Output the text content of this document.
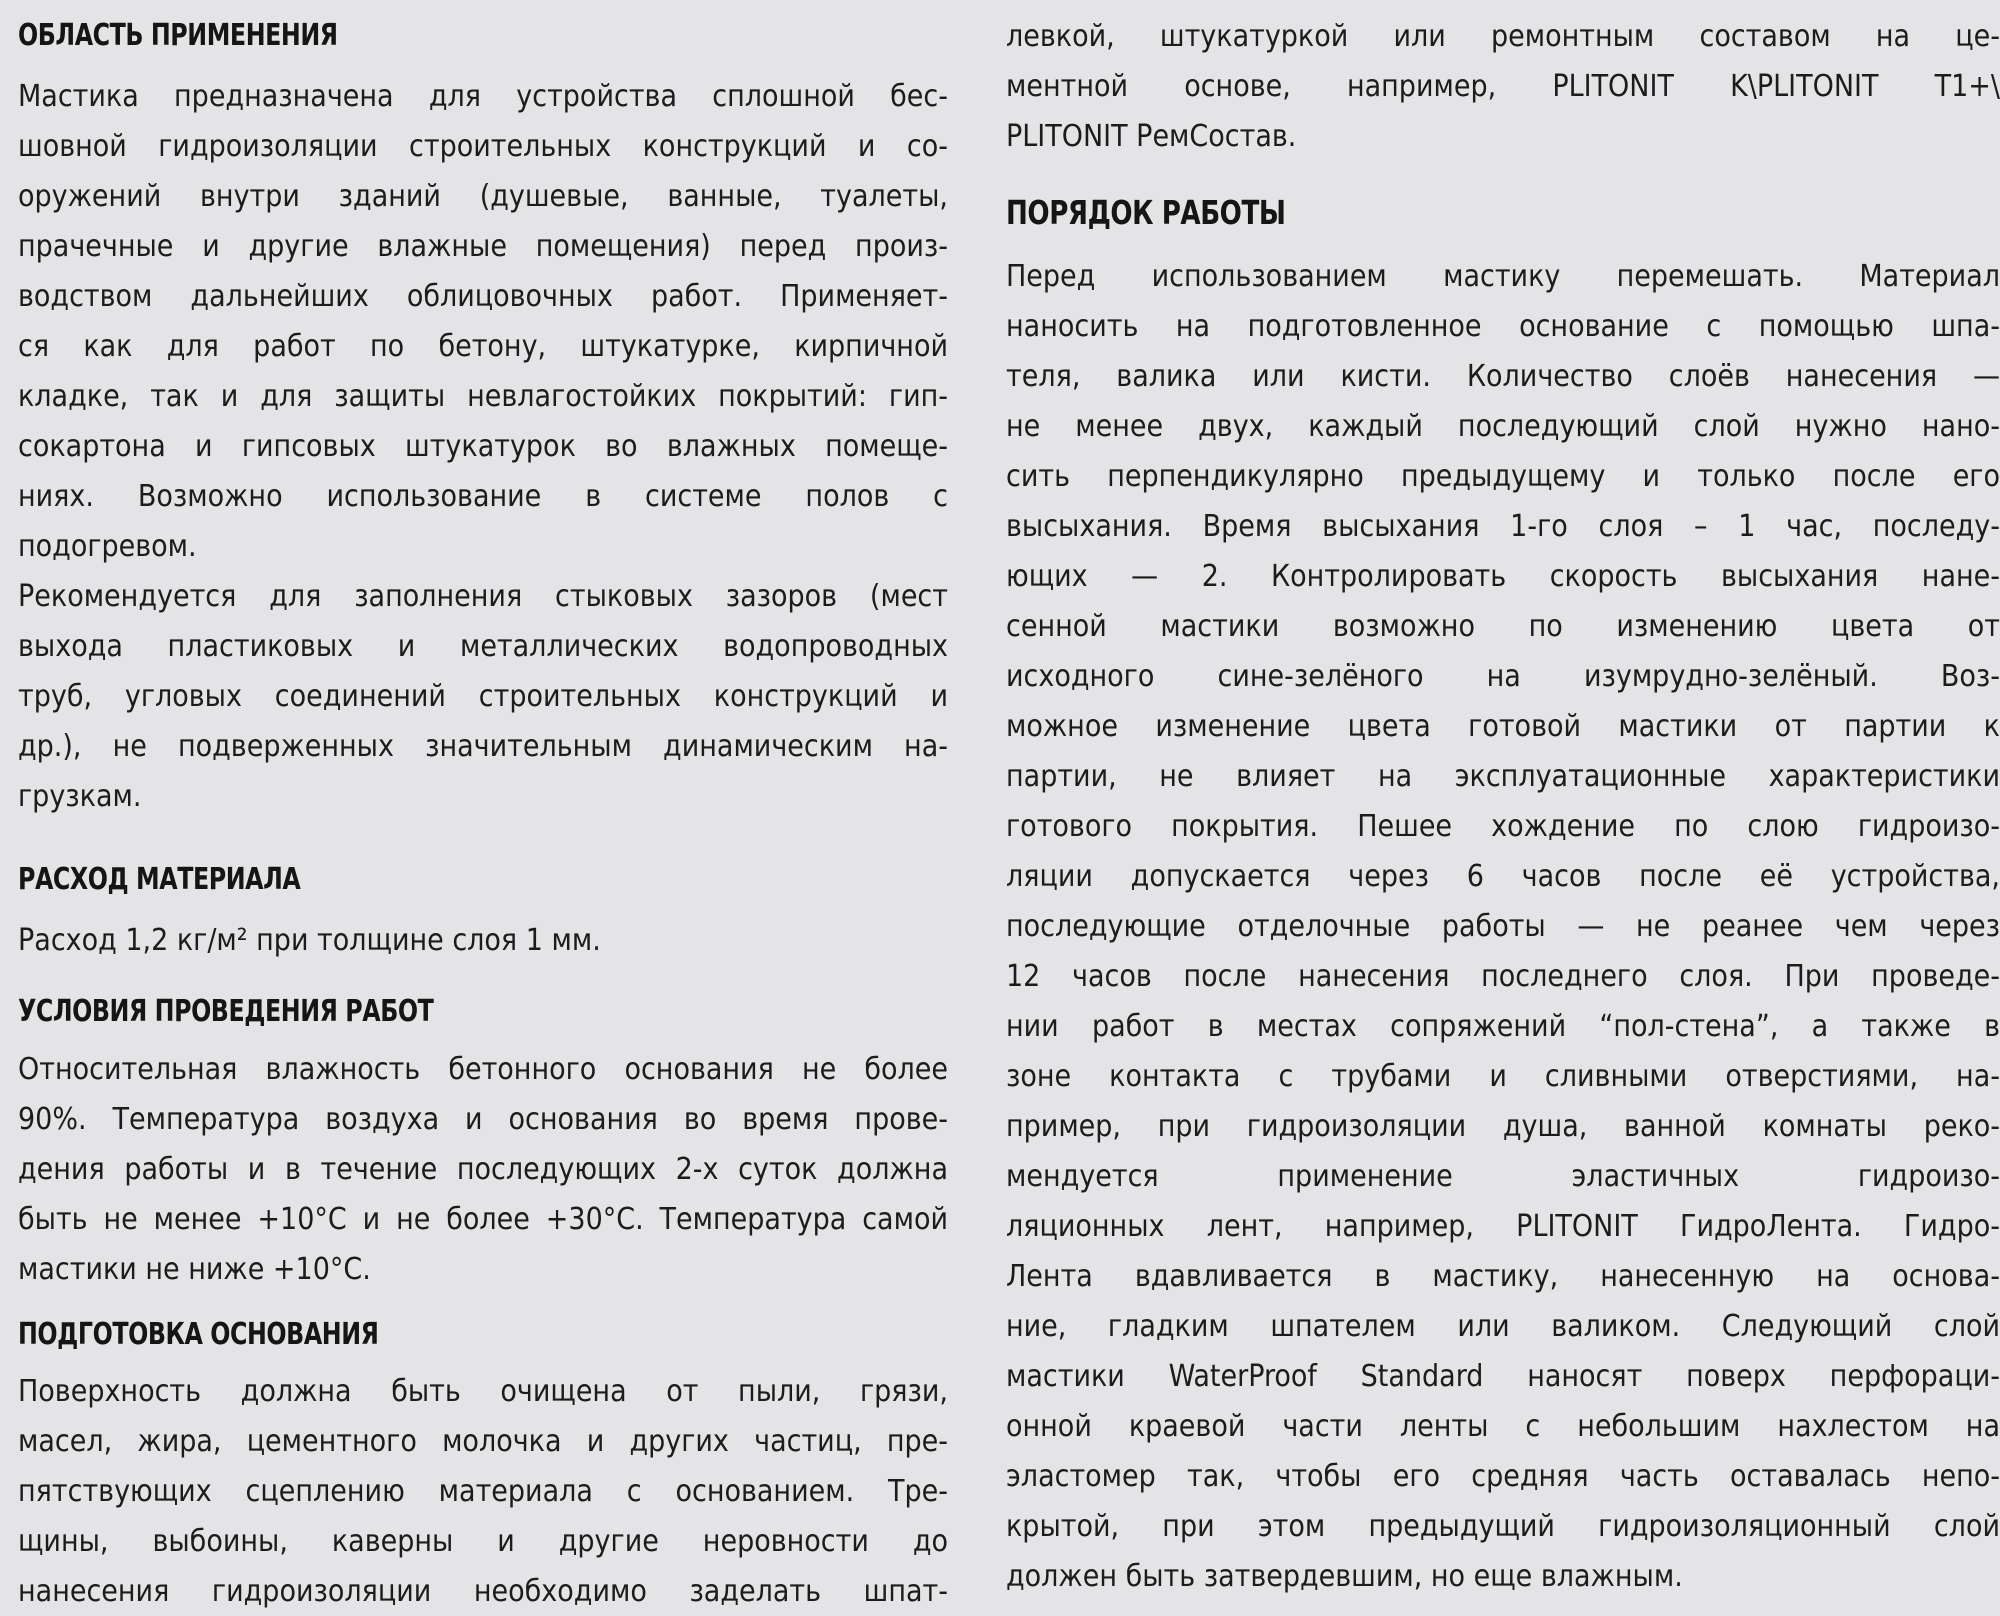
ОБЛАСТЬ ПРИМЕНЕНИЯ
Мастика предназначена для устройства сплошной бес-
шовной гидроизоляции строительных конструкций и со-
оружений внутри зданий (душевые, ванные, туалеты,
прачечные и другие влажные помещения) перед произ-
водством дальнейших облицовочных работ. Применяет-
ся как для работ по бетону, штукатурке, кирпичной
кладке, так и для защиты невлагостойких покрытий: гип-
сокартона и гипсовых штукатурок во влажных помеще-
ниях. Возможно использование в системе полов с
подогревом.
Рекомендуется для заполнения стыковых зазоров (мест
выхода пластиковых и металлических водопроводных
труб, угловых соединений строительных конструкций и
др.), не подверженных значительным динамическим на-
грузкам.
РАСХОД МАТЕРИАЛА
Расход 1,2 кг/м² при толщине слоя 1 мм.
УСЛОВИЯ ПРОВЕДЕНИЯ РАБОТ
Относительная влажность бетонного основания не более
90%. Температура воздуха и основания во время прове-
дения работы и в течение последующих 2-х суток должна
быть не менее +10°С и не более +30°С. Температура самой
мастики не ниже +10°С.
ПОДГОТОВКА ОСНОВАНИЯ
Поверхность должна быть очищена от пыли, грязи,
масел, жира, цементного молочка и других частиц, пре-
пятствующих сцеплению материала с основанием. Тре-
щины, выбоины, каверны и другие неровности до
нанесения гидроизоляции необходимо заделать шпат-
левкой, штукатуркой или ремонтным составом на це-
ментной основе, например, PLITONIT K\PLITONIT T1+\
PLITONIT РемСостав.
ПОРЯДОК РАБОТЫ
Перед использованием мастику перемешать. Материал
наносить на подготовленное основание с помощью шпа-
теля, валика или кисти. Количество слоёв нанесения —
не менее двух, каждый последующий слой нужно нано-
сить перпендикулярно предыдущему и только после его
высыхания. Время высыхания 1-го слоя – 1 час, последу-
ющих — 2. Контролировать скорость высыхания нане-
сенной мастики возможно по изменению цвета от
исходного сине-зелёного на изумрудно-зелёный. Воз-
можное изменение цвета готовой мастики от партии к
партии, не влияет на эксплуатационные характеристики
готового покрытия. Пешее хождение по слою гидроизо-
ляции допускается через 6 часов после её устройства,
последующие отделочные работы — не реанее чем через
12 часов после нанесения последнего слоя. При проведе-
нии работ в местах сопряжений “пол-стена”, а также в
зоне контакта с трубами и сливными отверстиями, на-
пример, при гидроизоляции душа, ванной комнаты реко-
мендуется применение эластичных гидроизо-
ляционных лент, например, PLITONIT ГидроЛента. Гидро-
Лента вдавливается в мастику, нанесенную на основа-
ние, гладким шпателем или валиком. Следующий слой
мастики WaterProof Standard наносят поверх перфораци-
онной краевой части ленты с небольшим нахлестом на
эластомер так, чтобы его средняя часть оставалась непо-
крытой, при этом предыдущий гидроизоляционный слой
должен быть затвердевшим, но еще влажным.
